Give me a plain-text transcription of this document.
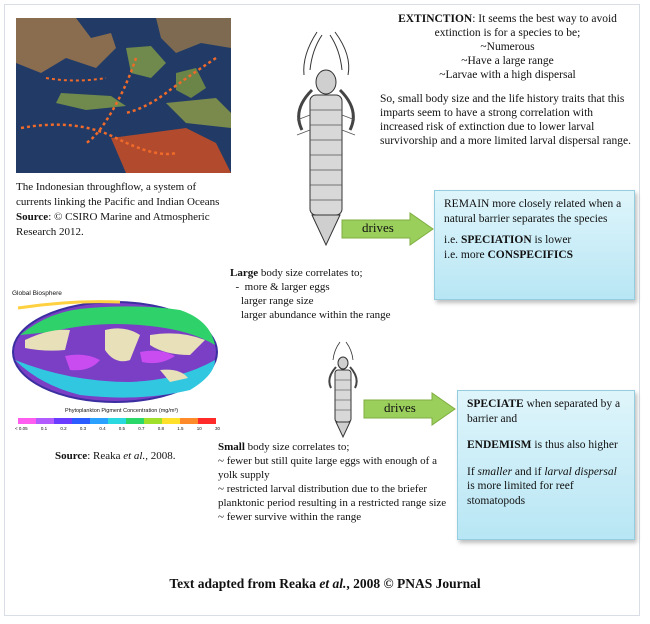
The Indonesian throughflow, a system of currents linking the Pacific and Indian Oceans Source: © CSIRO Marine and Atmospheric Research 2012.

EXTINCTION: It seems the best way to avoid extinction is for a species to be;

~Numerous

~Have a large range

~Larvae with a high dispersal

So, small body size and the life history traits that this imparts seem to have a strong correlation with increased risk of extinction due to lower larval survivorship and a more limited larval dispersal range.

drives

REMAIN more closely related when a natural barrier separates the species

i.e. SPECIATION is lower

i.e. more CONSPECIFICS

Large body size correlates to;

-  more & larger eggs

larger range size

larger abundance within the range

Global Biosphere
Phytoplankton Pigment Concentration (mg/m³)
< 0.05	0.1	0.2	0.3	0.4	0.5	0.7	0.8	1.5	10	30
Source: Reaka et al., 2008.
drives

Small body size correlates to;

~ fewer but still quite large eggs with enough of a yolk supply

~ restricted larval distribution due to the briefer planktonic period resulting in a restricted range size

~ fewer survive within the range

SPECIATE when separated by a barrier and

ENDEMISM is thus also higher

If smaller and if larval dispersal is more limited for reef stomatopods

Text adapted from Reaka et al., 2008 © PNAS Journal
